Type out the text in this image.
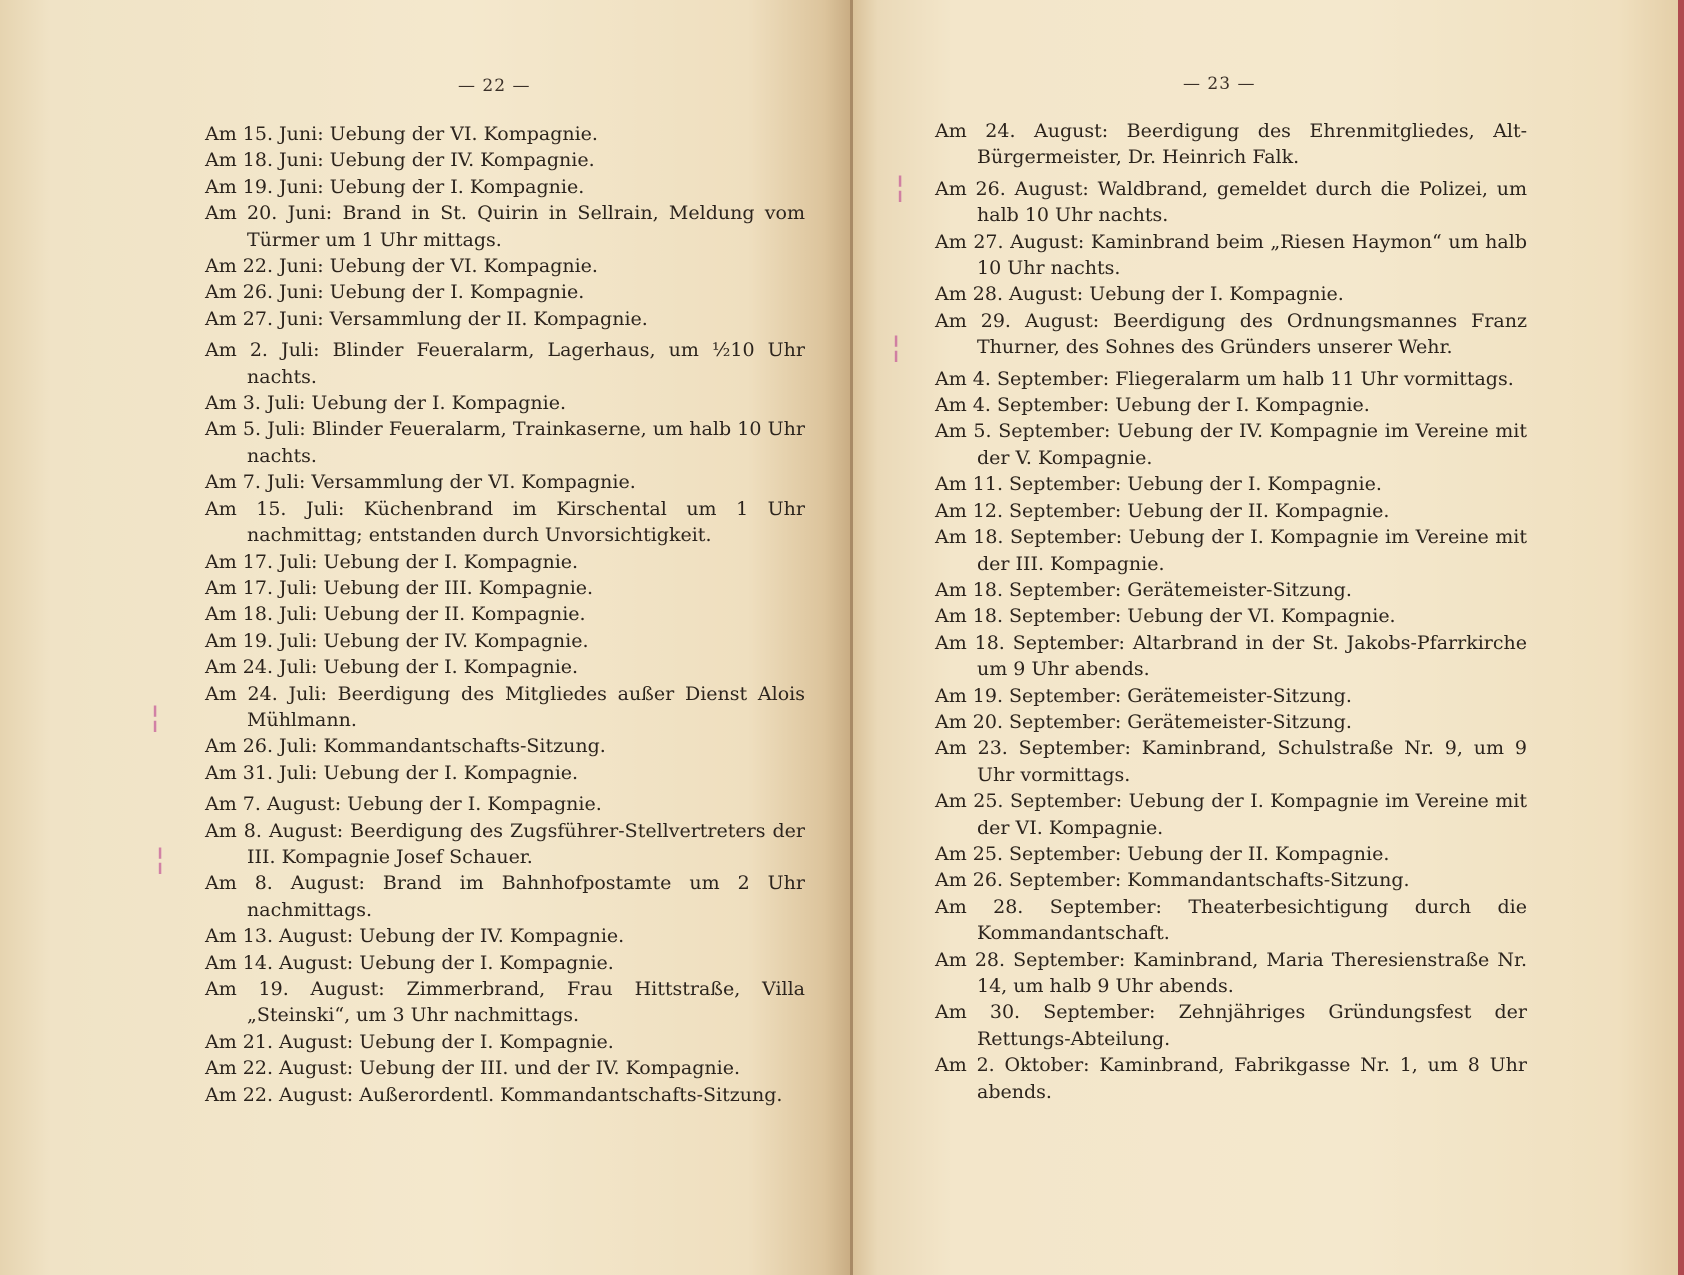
— 22 —
Am 15. Juni: Uebung der VI. Kompagnie.
Am 18. Juni: Uebung der IV. Kompagnie.
Am 19. Juni: Uebung der I. Kompagnie.
Am 20. Juni: Brand in St. Quirin in Sellrain, Meldung vom Türmer um 1 Uhr mittags.
Am 22. Juni: Uebung der VI. Kompagnie.
Am 26. Juni: Uebung der I. Kompagnie.
Am 27. Juni: Versammlung der II. Kompagnie.
Am 2. Juli: Blinder Feueralarm, Lagerhaus, um ½10 Uhr nachts.
Am 3. Juli: Uebung der I. Kompagnie.
Am 5. Juli: Blinder Feueralarm, Trainkaserne, um halb 10 Uhr nachts.
Am 7. Juli: Versammlung der VI. Kompagnie.
Am 15. Juli: Küchenbrand im Kirschental um 1 Uhr nachmittag; entstanden durch Unvorsichtigkeit.
Am 17. Juli: Uebung der I. Kompagnie.
Am 17. Juli: Uebung der III. Kompagnie.
Am 18. Juli: Uebung der II. Kompagnie.
Am 19. Juli: Uebung der IV. Kompagnie.
Am 24. Juli: Uebung der I. Kompagnie.
Am 24. Juli: Beerdigung des Mitgliedes außer Dienst Alois Mühlmann.
Am 26. Juli: Kommandantschafts-Sitzung.
Am 31. Juli: Uebung der I. Kompagnie.
Am 7. August: Uebung der I. Kompagnie.
Am 8. August: Beerdigung des Zugsführer-Stellvertreters der III. Kompagnie Josef Schauer.
Am 8. August: Brand im Bahnhofpostamte um 2 Uhr nachmittags.
Am 13. August: Uebung der IV. Kompagnie.
Am 14. August: Uebung der I. Kompagnie.
Am 19. August: Zimmerbrand, Frau Hittstraße, Villa „Steinski“, um 3 Uhr nachmittags.
Am 21. August: Uebung der I. Kompagnie.
Am 22. August: Uebung der III. und der IV. Kompagnie.
Am 22. August: Außerordentl. Kommandantschafts-Sitzung.
¦
¦
— 23 —
Am 24. August: Beerdigung des Ehrenmitgliedes, Alt-Bürgermeister, Dr. Heinrich Falk.
Am 26. August: Waldbrand, gemeldet durch die Polizei, um halb 10 Uhr nachts.
Am 27. August: Kaminbrand beim „Riesen Haymon“ um halb 10 Uhr nachts.
Am 28. August: Uebung der I. Kompagnie.
Am 29. August: Beerdigung des Ordnungsmannes Franz Thurner, des Sohnes des Gründers unserer Wehr.
Am 4. September: Fliegeralarm um halb 11 Uhr vormittags.
Am 4. September: Uebung der I. Kompagnie.
Am 5. September: Uebung der IV. Kompagnie im Vereine mit der V. Kompagnie.
Am 11. September: Uebung der I. Kompagnie.
Am 12. September: Uebung der II. Kompagnie.
Am 18. September: Uebung der I. Kompagnie im Vereine mit der III. Kompagnie.
Am 18. September: Gerätemeister-Sitzung.
Am 18. September: Uebung der VI. Kompagnie.
Am 18. September: Altarbrand in der St. Jakobs-Pfarrkirche um 9 Uhr abends.
Am 19. September: Gerätemeister-Sitzung.
Am 20. September: Gerätemeister-Sitzung.
Am 23. September: Kaminbrand, Schulstraße Nr. 9, um 9 Uhr vormittags.
Am 25. September: Uebung der I. Kompagnie im Vereine mit der VI. Kompagnie.
Am 25. September: Uebung der II. Kompagnie.
Am 26. September: Kommandantschafts-Sitzung.
Am 28. September: Theaterbesichtigung durch die Kommandantschaft.
Am 28. September: Kaminbrand, Maria Theresienstraße Nr. 14, um halb 9 Uhr abends.
Am 30. September: Zehnjähriges Gründungsfest der Rettungs-Abteilung.
Am 2. Oktober: Kaminbrand, Fabrikgasse Nr. 1, um 8 Uhr abends.
¦
¦
